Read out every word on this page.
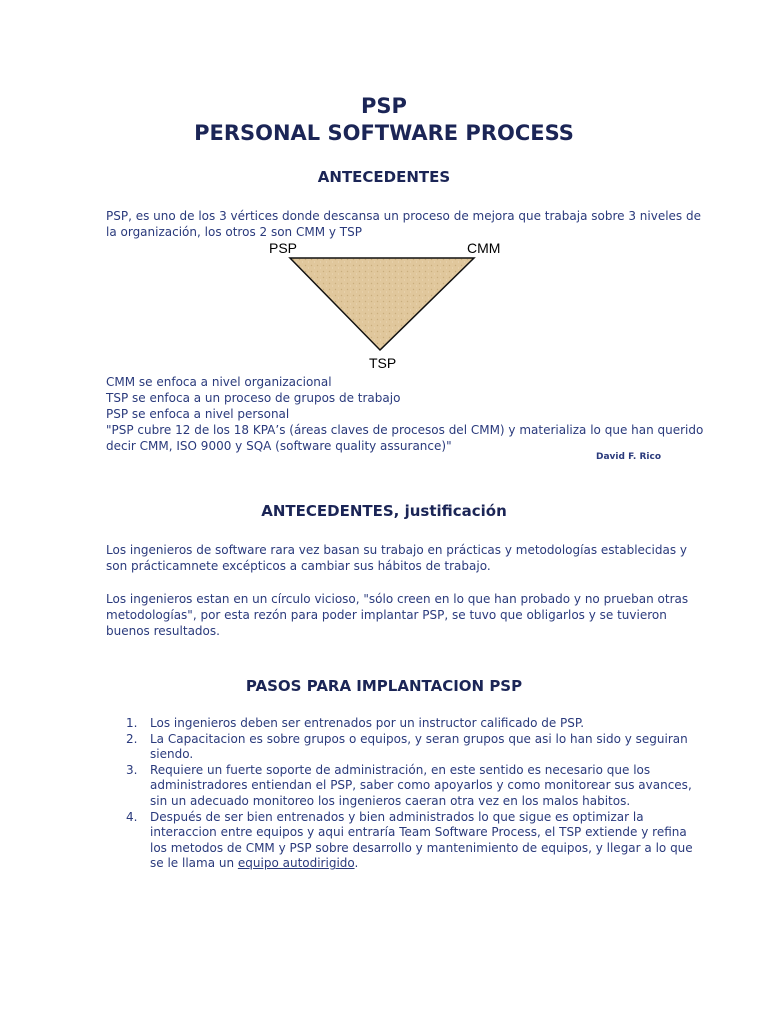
PSP
PERSONAL SOFTWARE PROCESS
ANTECEDENTES

PSP, es uno de los 3 vértices donde descansa un proceso de mejora que trabaja sobre 3 niveles de
la organización, los otros 2 son CMM y TSP

PSP	CMM
TSP

CMM se enfoca a nivel organizacional
TSP se enfoca a un proceso de grupos de trabajo
PSP se enfoca a nivel personal
"PSP cubre 12 de los 18 KPA’s (áreas claves de procesos del CMM) y materializa lo que han querido
decir CMM, ISO 9000 y SQA (software quality assurance)"

David F. Rico
ANTECEDENTES, justificación

Los ingenieros de software rara vez basan su trabajo en prácticas y metodologías establecidas y
son prácticamnete excépticos a cambiar sus hábitos de trabajo.

Los ingenieros estan en un círculo vicioso, "sólo creen en lo que han probado y no prueban otras
metodologías", por esta rezón para poder implantar PSP, se tuvo que obligarlos y se tuvieron
buenos resultados.

PASOS PARA IMPLANTACION PSP
1. Los ingenieros deben ser entrenados por un instructor calificado de PSP.
2. La Capacitacion es sobre grupos o equipos, y seran grupos que asi lo han sido y seguiran
siendo.
3. Requiere un fuerte soporte de administración, en este sentido es necesario que los
administradores entiendan el PSP, saber como apoyarlos y como monitorear sus avances,
sin un adecuado monitoreo los ingenieros caeran otra vez en los malos habitos.
4. Después de ser bien entrenados y bien administrados lo que sigue es optimizar la
interaccion entre equipos y aqui entraría Team Software Process, el TSP extiende y refina
los metodos de CMM y PSP sobre desarrollo y mantenimiento de equipos, y llegar a lo que
se le llama un equipo autodirigido.
